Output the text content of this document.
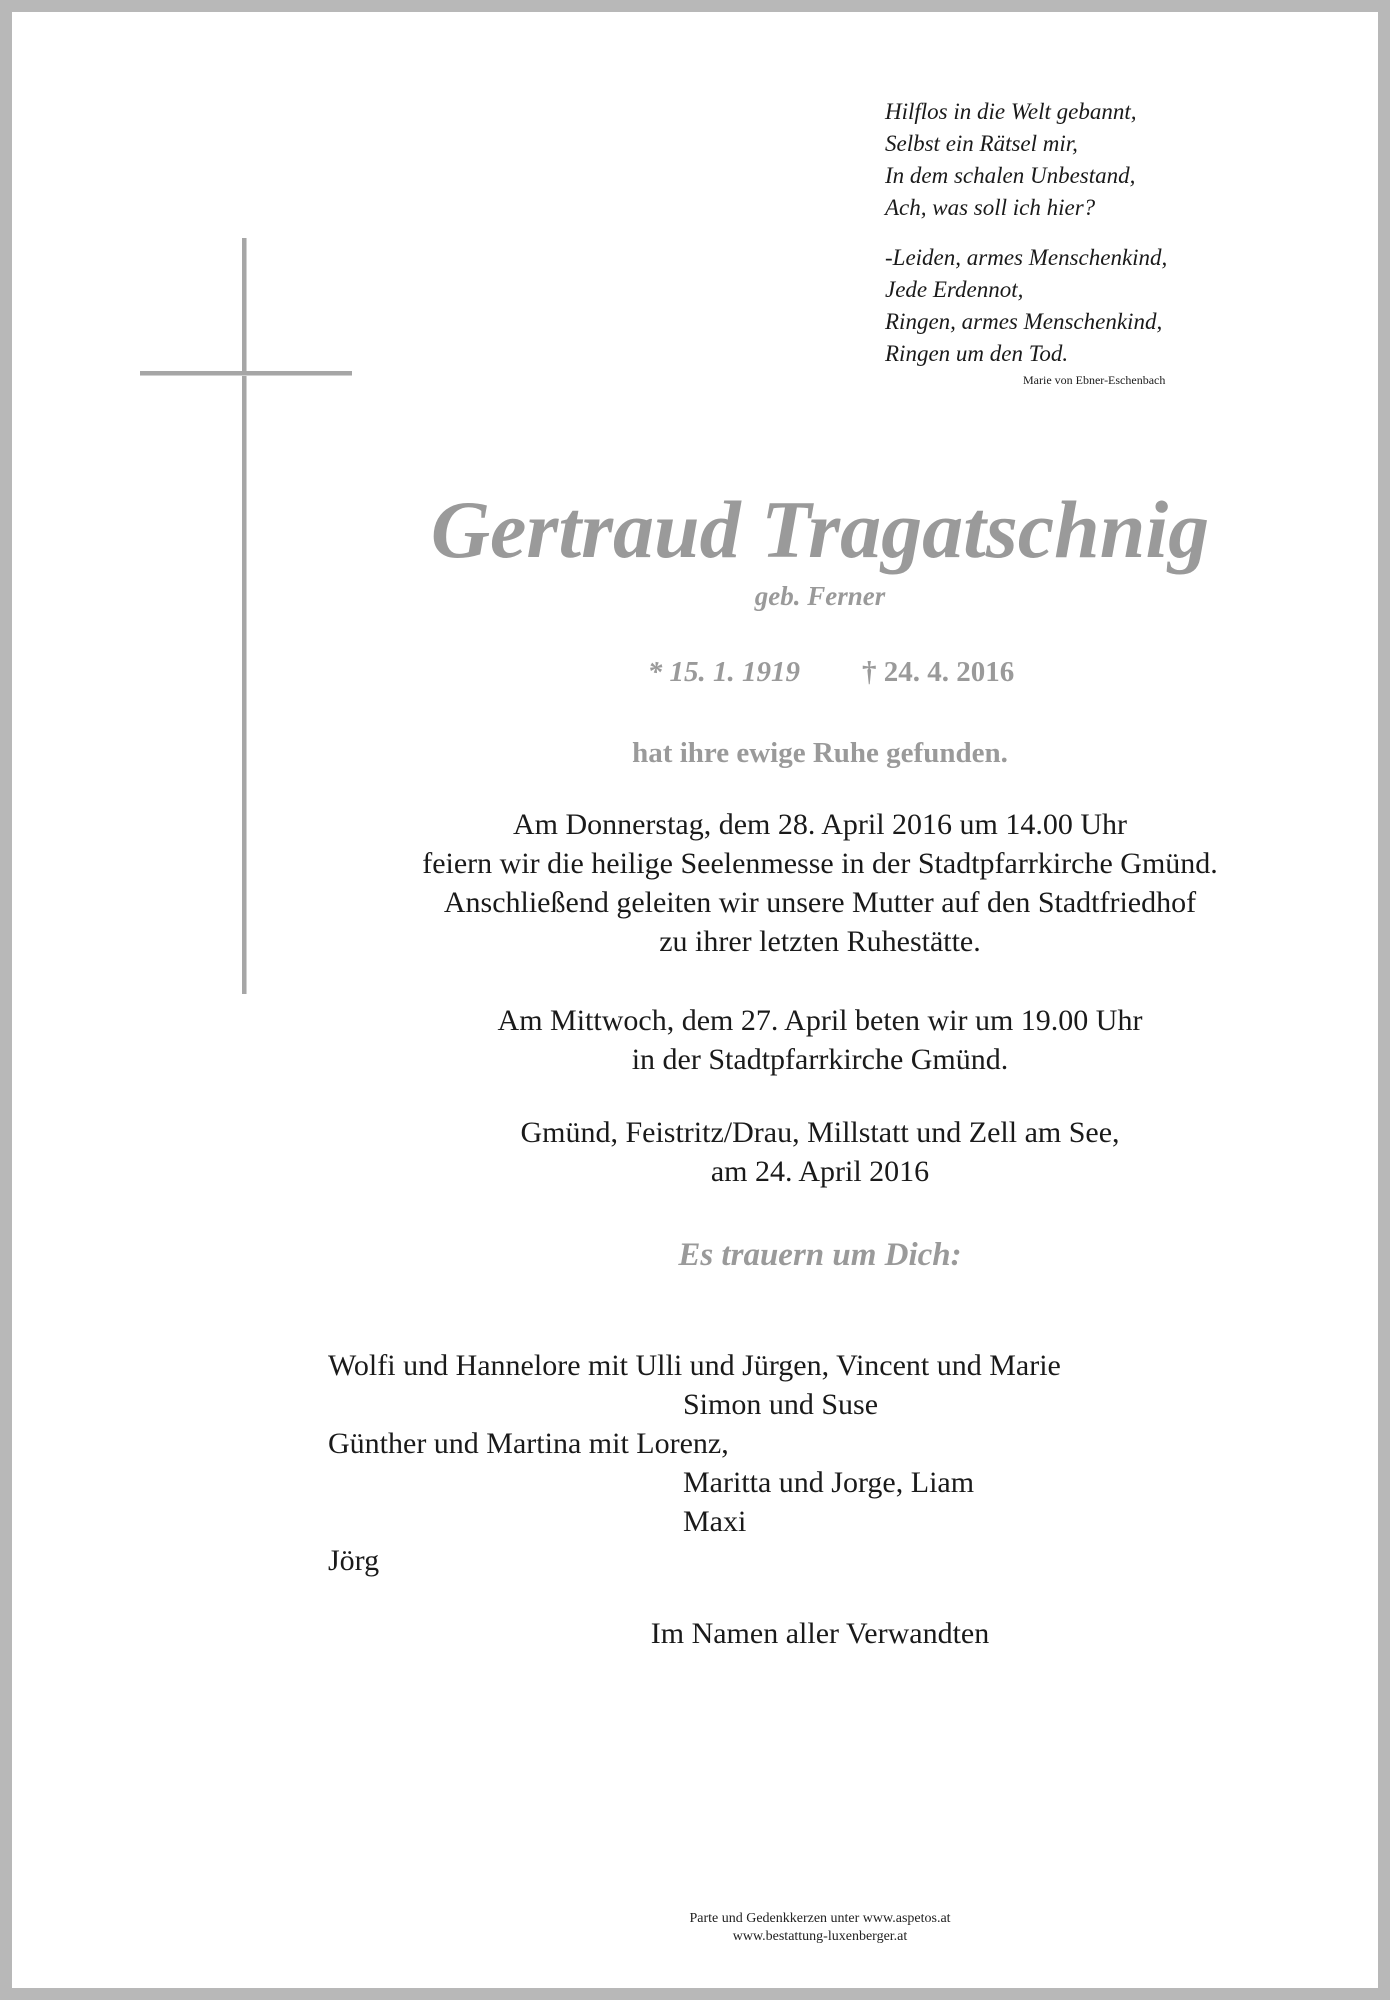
Hilflos in die Welt gebannt,
Selbst ein Rätsel mir,
In dem schalen Unbestand,
Ach, was soll ich hier?
-Leiden, armes Menschenkind,
Jede Erdennot,
Ringen, armes Menschenkind,
Ringen um den Tod.
Marie von Ebner-Eschenbach
Gertraud Tragatschnig
geb. Ferner
* 15. 1. 1919 † 24. 4. 2016
hat ihre ewige Ruhe gefunden.
Am Donnerstag, dem 28. April 2016 um 14.00 Uhr
feiern wir die heilige Seelenmesse in der Stadtpfarrkirche Gmünd.
Anschließend geleiten wir unsere Mutter auf den Stadtfriedhof
zu ihrer letzten Ruhestätte.
Am Mittwoch, dem 27. April beten wir um 19.00 Uhr
in der Stadtpfarrkirche Gmünd.
Gmünd, Feistritz/Drau, Millstatt und Zell am See,
am 24. April 2016
Es trauern um Dich:
Wolfi und Hannelore mit Ulli und Jürgen, Vincent und Marie
Simon und Suse
Günther und Martina mit Lorenz,
Maritta und Jorge, Liam
Maxi
Jörg
Im Namen aller Verwandten
Parte und Gedenkkerzen unter www.aspetos.at
www.bestattung-luxenberger.at
